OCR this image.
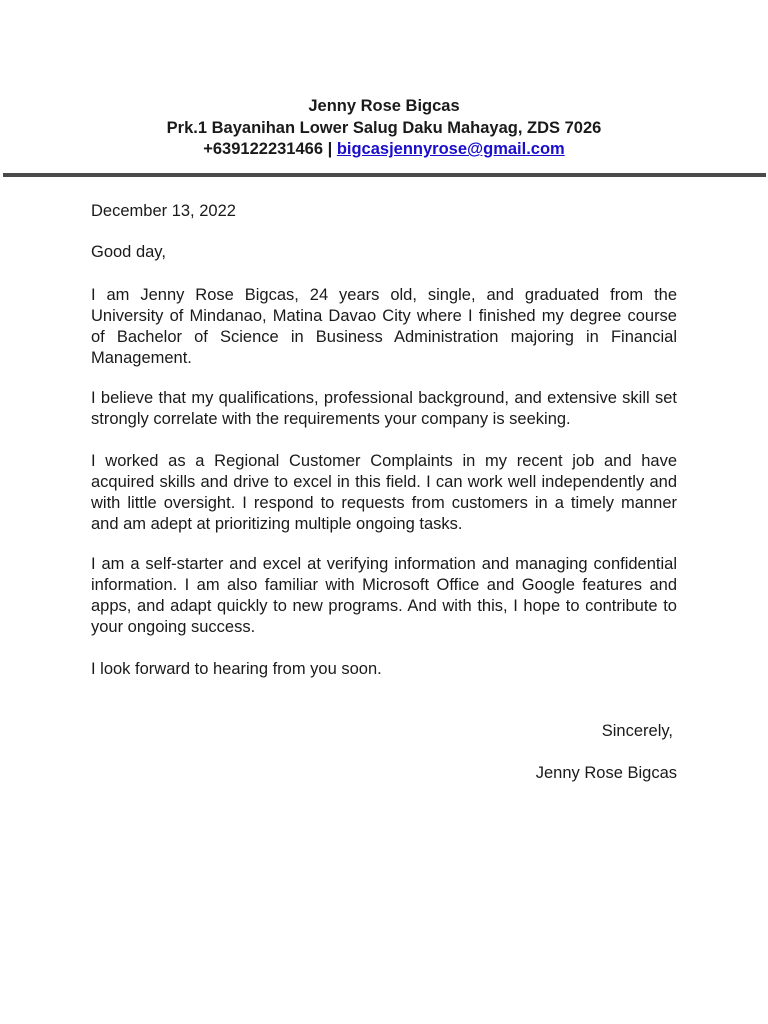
Jenny Rose Bigcas
Prk.1 Bayanihan Lower Salug Daku Mahayag, ZDS 7026
+639122231466 | bigcasjennyrose@gmail.com
December 13, 2022
Good day,
I am Jenny Rose Bigcas, 24 years old, single, and graduated from the University of Mindanao, Matina Davao City where I finished my degree course of Bachelor of Science in Business Administration majoring in Financial Management.
I believe that my qualifications, professional background, and extensive skill set strongly correlate with the requirements your company is seeking.
I worked as a Regional Customer Complaints in my recent job and have acquired skills and drive to excel in this field. I can work well independently and with little oversight. I respond to requests from customers in a timely manner and am adept at prioritizing multiple ongoing tasks.
I am a self-starter and excel at verifying information and managing confidential information. I am also familiar with Microsoft Office and Google features and apps, and adapt quickly to new programs. And with this, I hope to contribute to your ongoing success.
I look forward to hearing from you soon.
Sincerely,
Jenny Rose Bigcas
